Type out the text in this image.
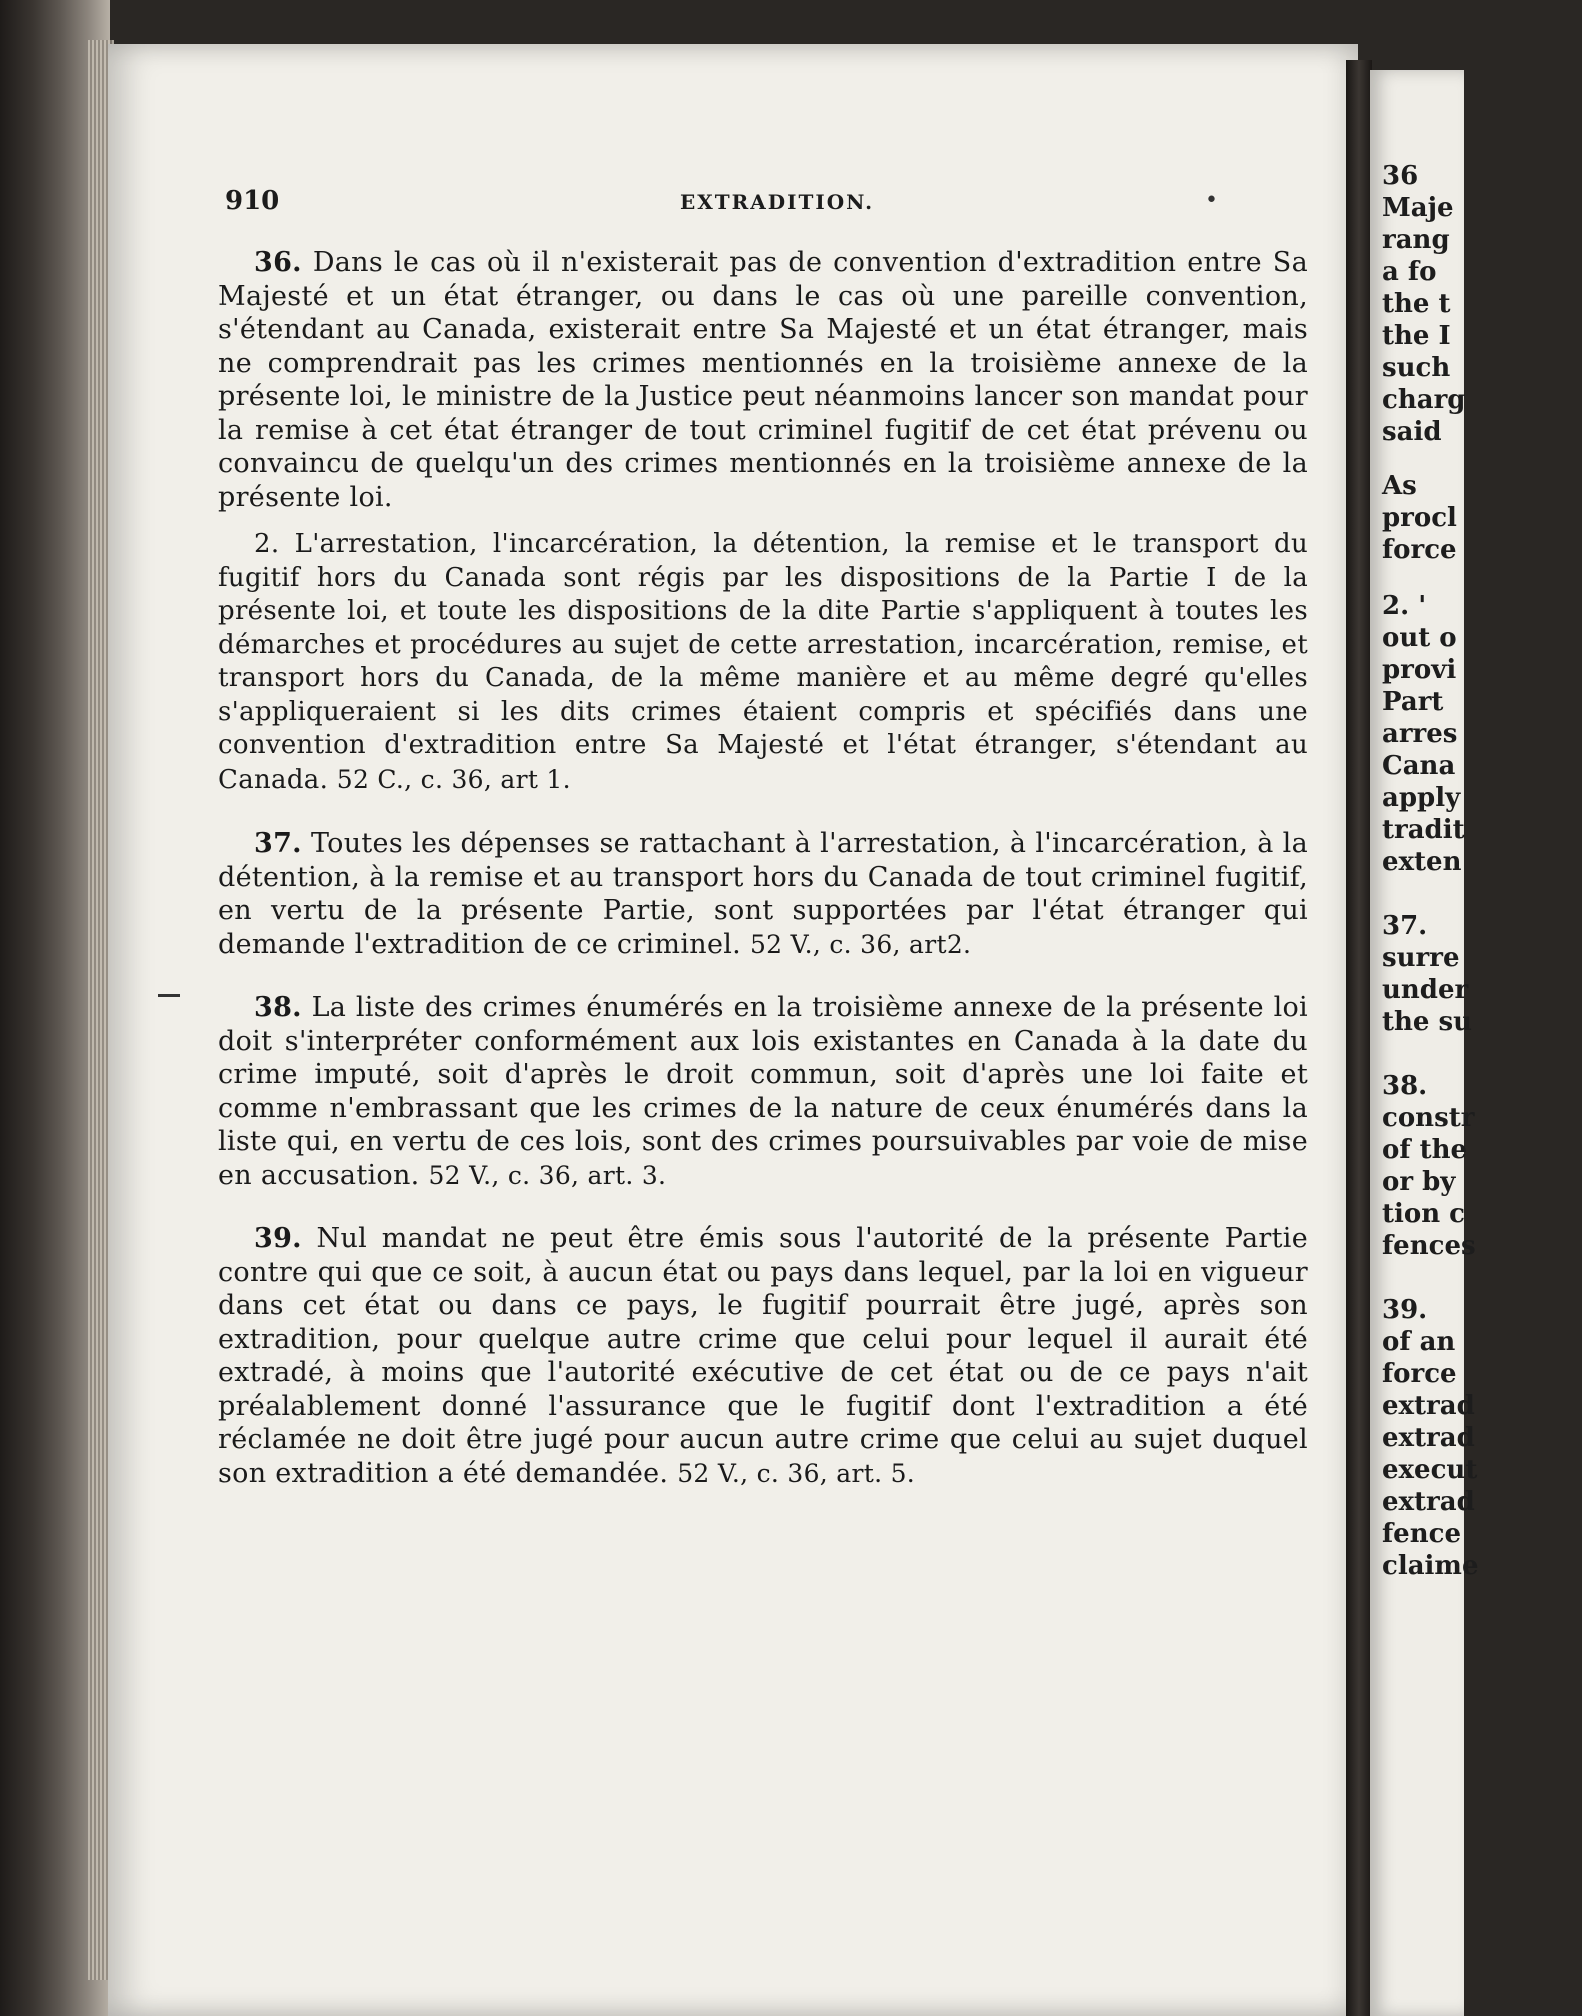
36
Maje
rang
a fo
the t
the I
such
charg
said
As
procl
force
2. '
out o
provi
Part
arres
Cana
apply
tradit
exten
37.
surre
under
the su
38.
constr
of the
or by
tion c
fences
39.
of an
force
extrad
extrad
execut
extrad
fence
claime
910	EXTRADITION.	•

36. Dans le cas où il n'existerait pas de convention d'extradition entre Sa Majesté et un état étranger, ou dans le cas où une pareille convention, s'étendant au Canada, existerait entre Sa Majesté et un état étranger, mais ne comprendrait pas les crimes mentionnés en la troisième annexe de la présente loi, le ministre de la Justice peut néanmoins lancer son mandat pour la remise à cet état étranger de tout criminel fugitif de cet état prévenu ou convaincu de quelqu'un des crimes mentionnés en la troisième annexe de la présente loi.

2. L'arrestation, l'incarcération, la détention, la remise et le transport du fugitif hors du Canada sont régis par les dispositions de la Partie I de la présente loi, et toute les dispositions de la dite Partie s'appliquent à toutes les démarches et procédures au sujet de cette arrestation, incarcération, remise, et transport hors du Canada, de la même manière et au même degré qu'elles s'appliqueraient si les dits crimes étaient compris et spécifiés dans une convention d'extradition entre Sa Majesté et l'état étranger, s'étendant au Canada. 52 C., c. 36, art 1.

37. Toutes les dépenses se rattachant à l'arrestation, à l'incarcération, à la détention, à la remise et au transport hors du Canada de tout criminel fugitif, en vertu de la présente Partie, sont supportées par l'état étranger qui demande l'extradition de ce criminel. 52 V., c. 36, art2.

38. La liste des crimes énumérés en la troisième annexe de la présente loi doit s'interpréter conformément aux lois existantes en Canada à la date du crime imputé, soit d'après le droit commun, soit d'après une loi faite et comme n'embrassant que les crimes de la nature de ceux énumérés dans la liste qui, en vertu de ces lois, sont des crimes poursuivables par voie de mise en accusation. 52 V., c. 36, art. 3.

39. Nul mandat ne peut être émis sous l'autorité de la présente Partie contre qui que ce soit, à aucun état ou pays dans lequel, par la loi en vigueur dans cet état ou dans ce pays, le fugitif pourrait être jugé, après son extradition, pour quelque autre crime que celui pour lequel il aurait été extradé, à moins que l'autorité exécutive de cet état ou de ce pays n'ait préalablement donné l'assurance que le fugitif dont l'extradition a été réclamée ne doit être jugé pour aucun autre crime que celui au sujet duquel son extradition a été demandée. 52 V., c. 36, art. 5.
